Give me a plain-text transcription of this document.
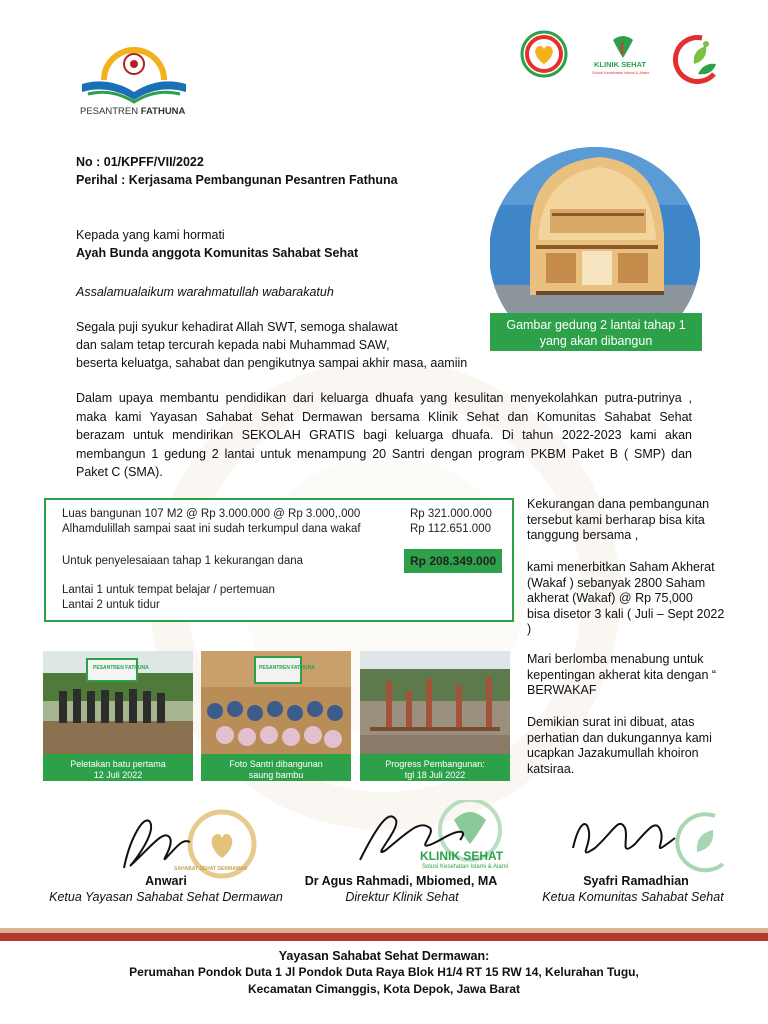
PESANTREN FATHUNA
KLINIK SEHAT
Solusi Kesehatan Islami & Alami
No : 01/KPFF/VII/2022
Perihal : Kerjasama Pembangunan Pesantren Fathuna
Kepada yang kami hormati
Ayah Bunda anggota Komunitas Sahabat Sehat
Assalamualaikum warahmatullah wabarakatuh
Segala puji syukur kehadirat Allah SWT, semoga shalawat
dan salam tetap tercurah kepada nabi Muhammad SAW,
beserta keluatga, sahabat dan pengikutnya sampai akhir masa, aamiin
Gambar gedung 2 lantai tahap 1
yang akan dibangun
Dalam upaya membantu pendidikan dari keluarga dhuafa yang kesulitan menyekolahkan putra-putrinya ,
maka kami Yayasan Sahabat Sehat Dermawan bersama Klinik Sehat dan Komunitas Sahabat Sehat
berazam untuk mendirikan SEKOLAH GRATIS bagi keluarga dhuafa. Di tahun 2022-2023 kami akan
membangun 1 gedung 2 lantai untuk menampung 20 Santri dengan program PKBM Paket B ( SMP) dan
Paket C (SMA).
Luas bangunan 107 M2 @ Rp 3.000.000 @ Rp 3.000,.000	Rp 321.000.000
Alhamdulillah sampai saat ini sudah terkumpul dana wakaf	Rp 112.651.000
Untuk penyelesaiaan tahap 1 kekurangan dana	Rp 208.349.000
Lantai 1 untuk tempat belajar / pertemuan
Lantai 2 untuk tidur
Kekurangan dana pembangunan
tersebut kami berharap bisa kita
tanggung bersama ,
kami menerbitkan Saham Akherat
(Wakaf ) sebanyak 2800 Saham
akherat (Wakaf) @ Rp 75,000
bisa disetor 3 kali ( Juli – Sept 2022
)
Mari berlomba menabung untuk
kepentingan akherat kita dengan “
BERWAKAF
Demikian surat ini dibuat, atas
perhatian dan dukungannya kami
ucapkan Jazakumullah khoiron
katsiraa.
PESANTREN FATHUNA
Peletakan batu pertama
12 Juli 2022
PESANTREN FATHUNA
Foto Santri dibangunan
saung bambu
Progress Pembangunan:
tgl 18 Juli 2022
SAHABAT SEHAT DERMAWAN
KLINIK SEHAT
Solusi Kesehatan Islami & Alami
Anwari
Ketua Yayasan Sahabat Sehat Dermawan
Dr Agus Rahmadi, Mbiomed, MA
Direktur Klinik Sehat
Syafri Ramadhian
Ketua Komunitas Sahabat Sehat
Yayasan Sahabat Sehat Dermawan:
Perumahan Pondok Duta 1 Jl Pondok Duta Raya Blok H1/4 RT 15 RW 14, Kelurahan Tugu,
Kecamatan Cimanggis, Kota Depok, Jawa Barat
